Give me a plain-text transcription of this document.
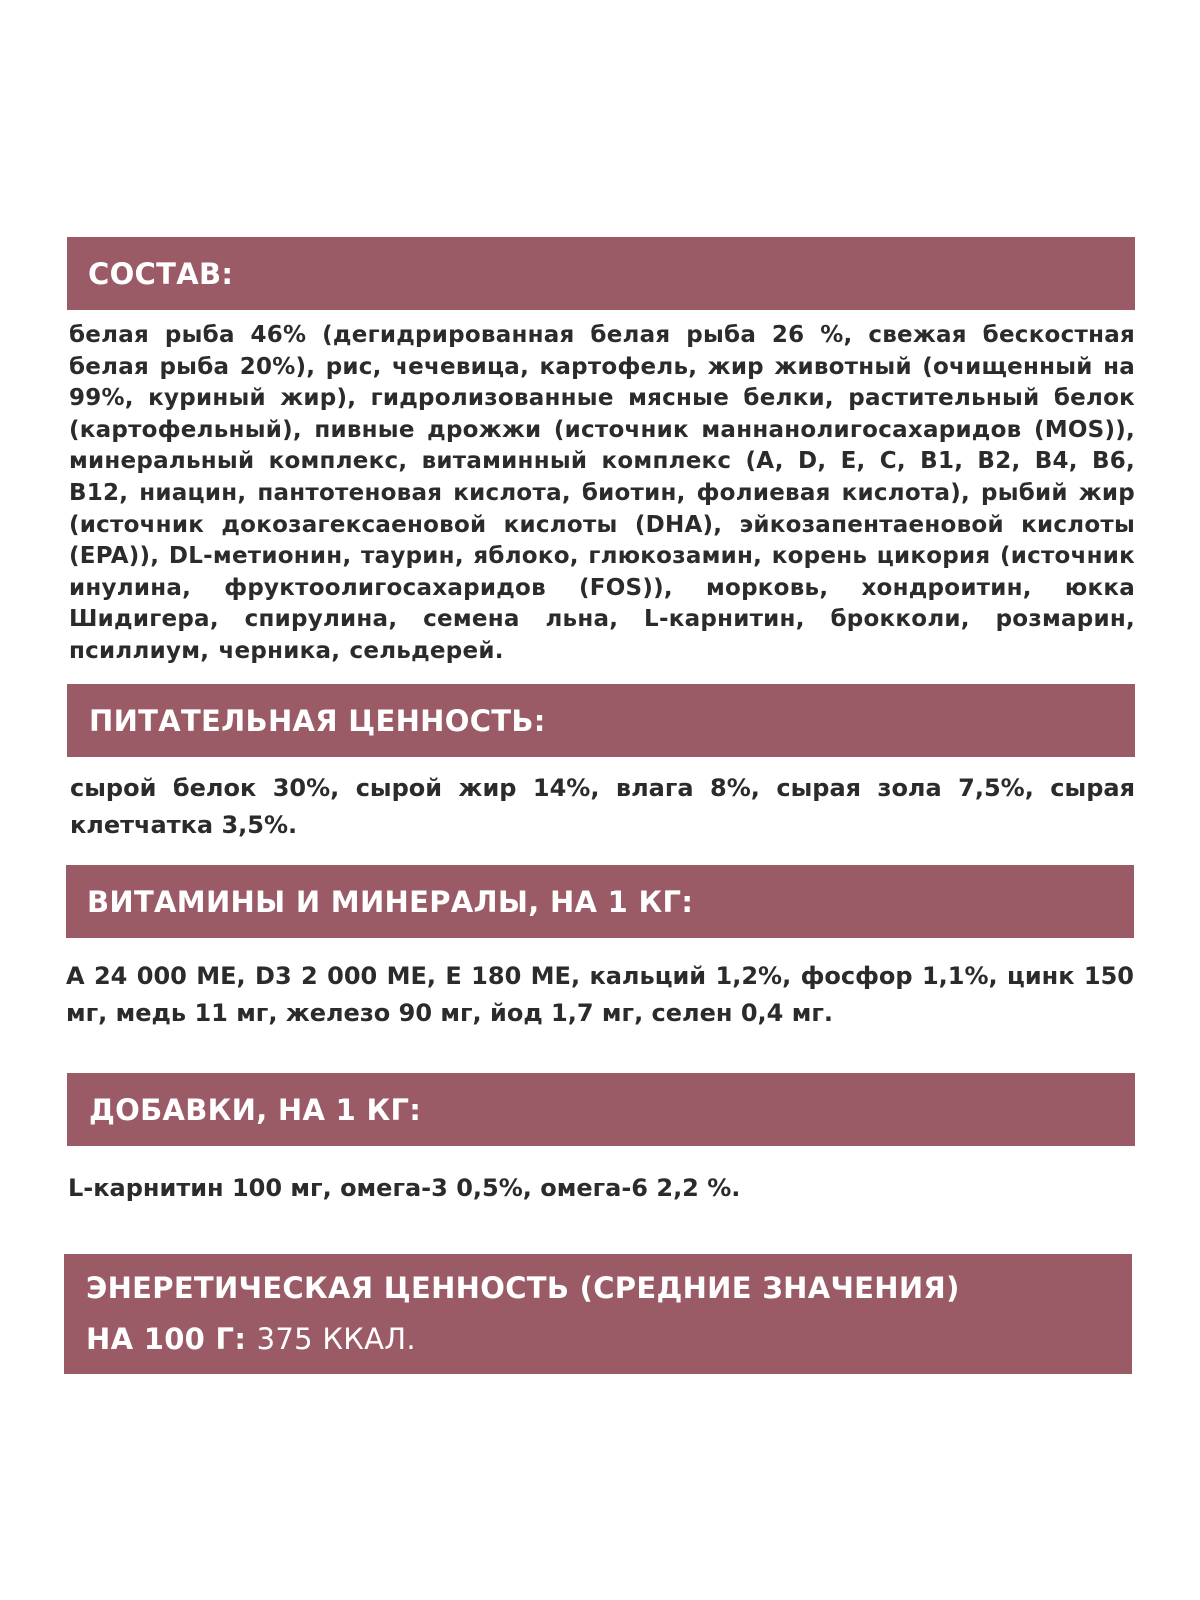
СОСТАВ:
белая рыба 46% (дегидрированная белая рыба 26 %, свежая бескостная белая рыба 20%), рис, чечевица, картофель, жир животный (очищенный на 99%, куриный жир), гидролизованные мясные белки, растительный белок (картофельный), пивные дрожжи (источник маннанолигосахаридов (MOS)), минеральный комплекс, витаминный комплекс (A, D, E, C, B1, B2, B4, B6, B12, ниацин, пантотеновая кислота, биотин, фолиевая кислота), рыбий жир (источник докозагексаеновой кислоты (DHA), эйкозапентаеновой кислоты (EPA)), DL-метионин, таурин, яблоко, глюкозамин, корень цикория (источник инулина, фруктоолигосахаридов (FOS)), морковь, хондроитин, юкка Шидигера, спирулина, семена льна, L-карнитин, брокколи, розмарин, псиллиум, черника, сельдерей.
ПИТАТЕЛЬНАЯ ЦЕННОСТЬ:
сырой белок 30%, сырой жир 14%, влага 8%, сырая зола 7,5%, сырая клетчатка 3,5%.
ВИТАМИНЫ И МИНЕРАЛЫ, НА 1 КГ:
А 24 000 МЕ, D3 2 000 МЕ, Е 180 МЕ, кальций 1,2%, фосфор 1,1%, цинк 150 мг, медь 11 мг, железо 90 мг, йод 1,7 мг, селен 0,4 мг.
ДОБАВКИ, НА 1 КГ:
L-карнитин 100 мг, омега-3 0,5%, омега-6 2,2 %.
ЭНЕРЕТИЧЕСКАЯ ЦЕННОСТЬ (СРЕДНИЕ ЗНАЧЕНИЯ)
НА 100 Г: 375 ККАЛ.
